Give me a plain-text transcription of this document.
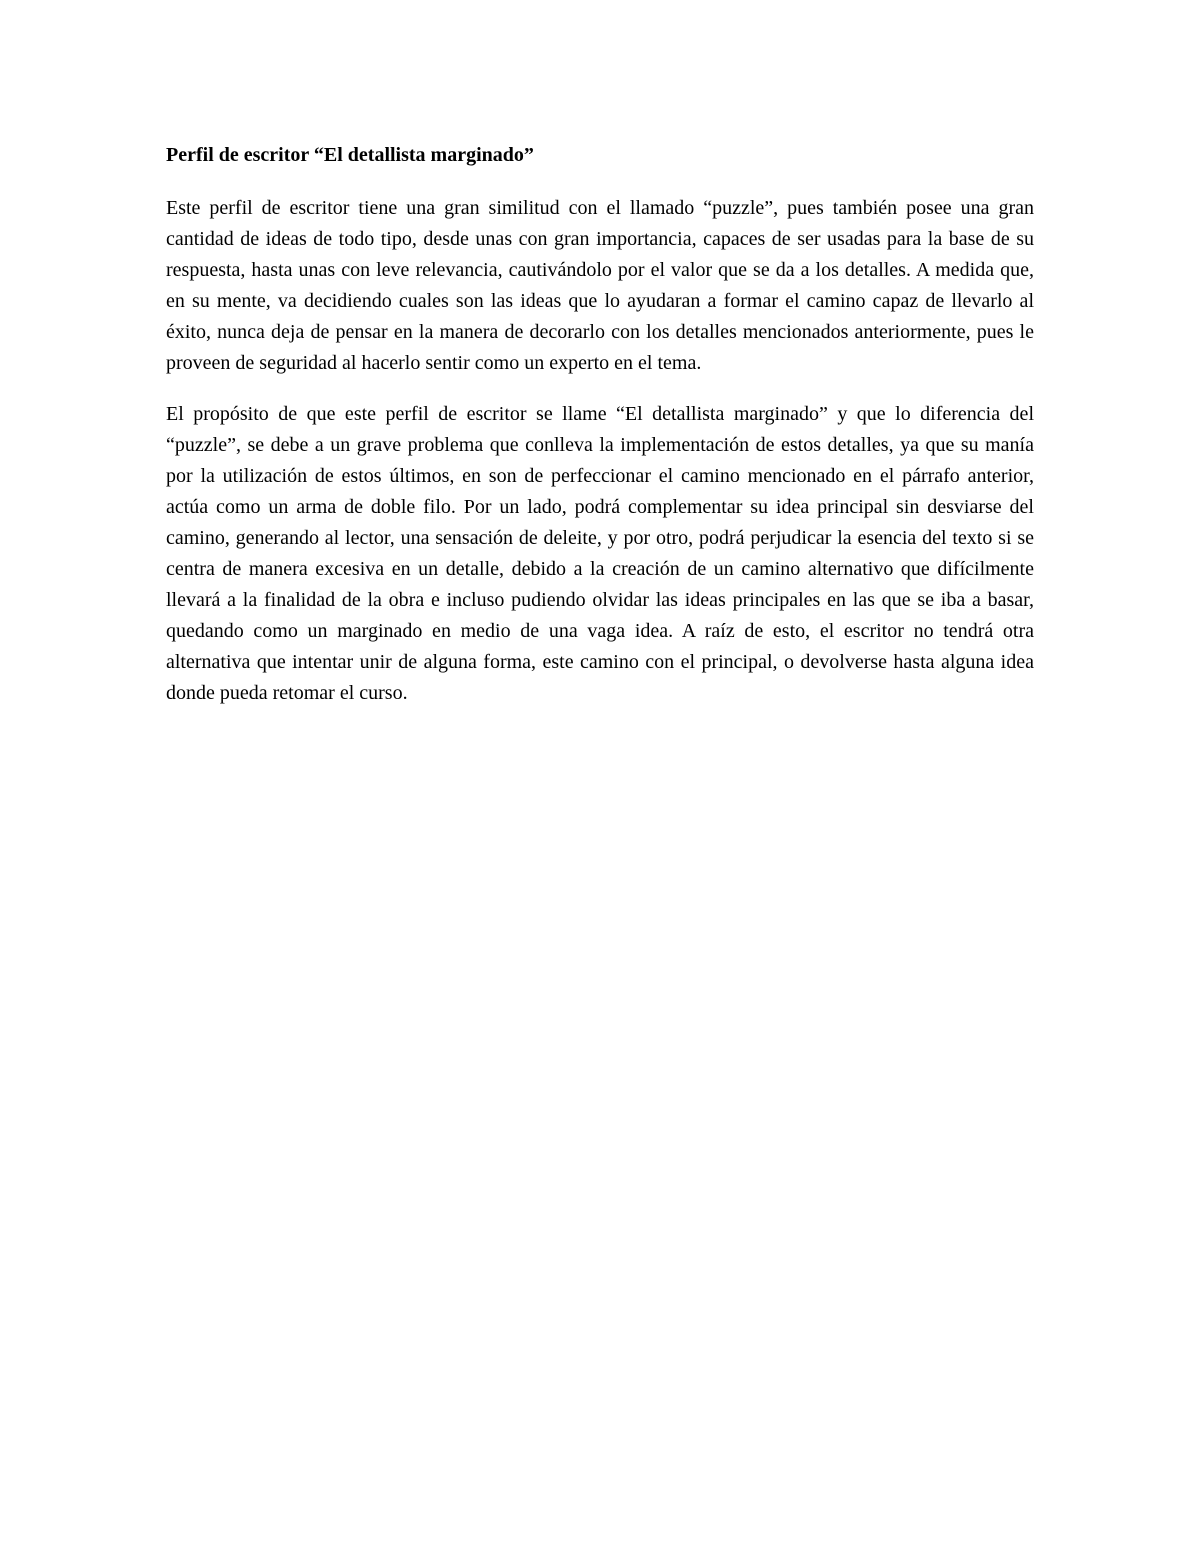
Perfil de escritor “El detallista marginado”

Este perfil de escritor tiene una gran similitud con el llamado “puzzle”, pues también posee una gran cantidad de ideas de todo tipo, desde unas con gran importancia, capaces de ser usadas para la base de su respuesta, hasta unas con leve relevancia, cautivándolo por el valor que se da a los detalles. A medida que, en su mente, va decidiendo cuales son las ideas que lo ayudaran a formar el camino capaz de llevarlo al éxito, nunca deja de pensar en la manera de decorarlo con los detalles mencionados anteriormente, pues le proveen de seguridad al hacerlo sentir como un experto en el tema.

El propósito de que este perfil de escritor se llame “El detallista marginado” y que lo diferencia del “puzzle”, se debe a un grave problema que conlleva la implementación de estos detalles, ya que su manía por la utilización de estos últimos, en son de perfeccionar el camino mencionado en el párrafo anterior, actúa como un arma de doble filo. Por un lado, podrá complementar su idea principal sin desviarse del camino, generando al lector, una sensación de deleite, y por otro, podrá perjudicar la esencia del texto si se centra de manera excesiva en un detalle, debido a la creación de un camino alternativo que difícilmente llevará a la finalidad de la obra e incluso pudiendo olvidar las ideas principales en las que se iba a basar, quedando como un marginado en medio de una vaga idea. A raíz de esto, el escritor no tendrá otra alternativa que intentar unir de alguna forma, este camino con el principal, o devolverse hasta alguna idea donde pueda retomar el curso.
